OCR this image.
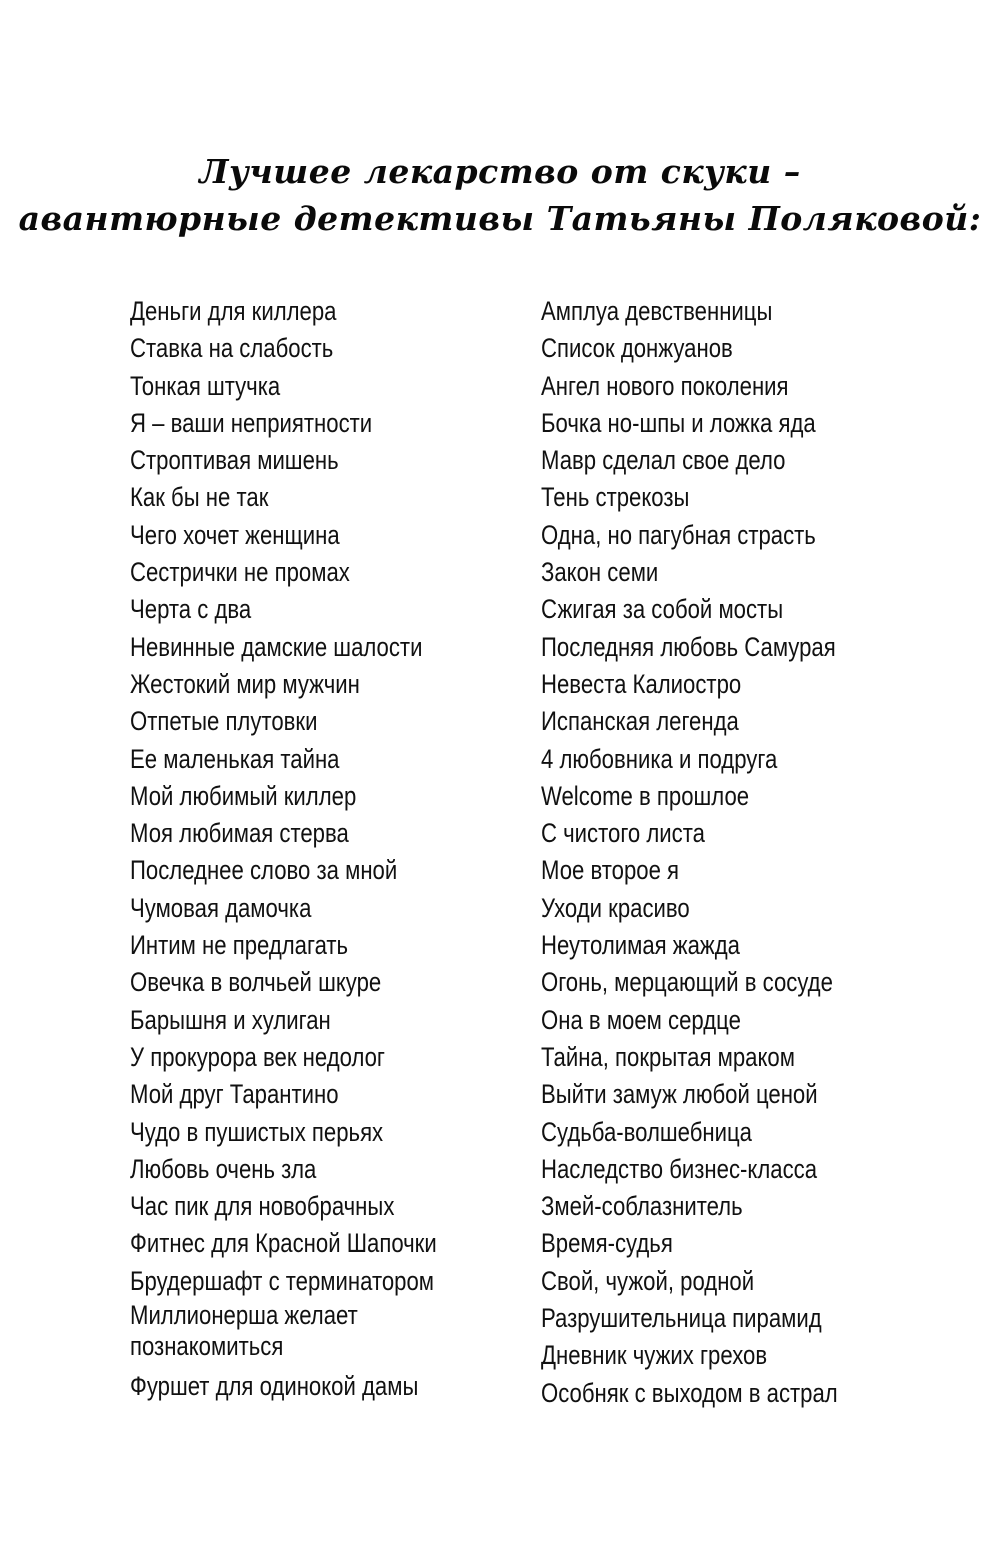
Лучшее лекарство от скуки –
авантюрные детективы Татьяны Поляковой:
Деньги для киллера
Ставка на слабость
Тонкая штучка
Я – ваши неприятности
Строптивая мишень
Как бы не так
Чего хочет женщина
Сестрички не промах
Черта с два
Невинные дамские шалости
Жестокий мир мужчин
Отпетые плутовки
Ее маленькая тайна
Мой любимый киллер
Моя любимая стерва
Последнее слово за мной
Чумовая дамочка
Интим не предлагать
Овечка в волчьей шкуре
Барышня и хулиган
У прокурора век недолог
Мой друг Тарантино
Чудо в пушистых перьях
Любовь очень зла
Час пик для новобрачных
Фитнес для Красной Шапочки
Брудершафт с терминатором
Миллионерша желает познакомиться
Фуршет для одинокой дамы
Амплуа девственницы
Список донжуанов
Ангел нового поколения
Бочка но-шпы и ложка яда
Мавр сделал свое дело
Тень стрекозы
Одна, но пагубная страсть
Закон семи
Сжигая за собой мосты
Последняя любовь Самурая
Невеста Калиостро
Испанская легенда
4 любовника и подруга
Welcome в прошлое
С чистого листа
Мое второе я
Уходи красиво
Неутолимая жажда
Огонь, мерцающий в сосуде
Она в моем сердце
Тайна, покрытая мраком
Выйти замуж любой ценой
Судьба-волшебница
Наследство бизнес-класса
Змей-соблазнитель
Время-судья
Свой, чужой, родной
Разрушительница пирамид
Дневник чужих грехов
Особняк с выходом в астрал
